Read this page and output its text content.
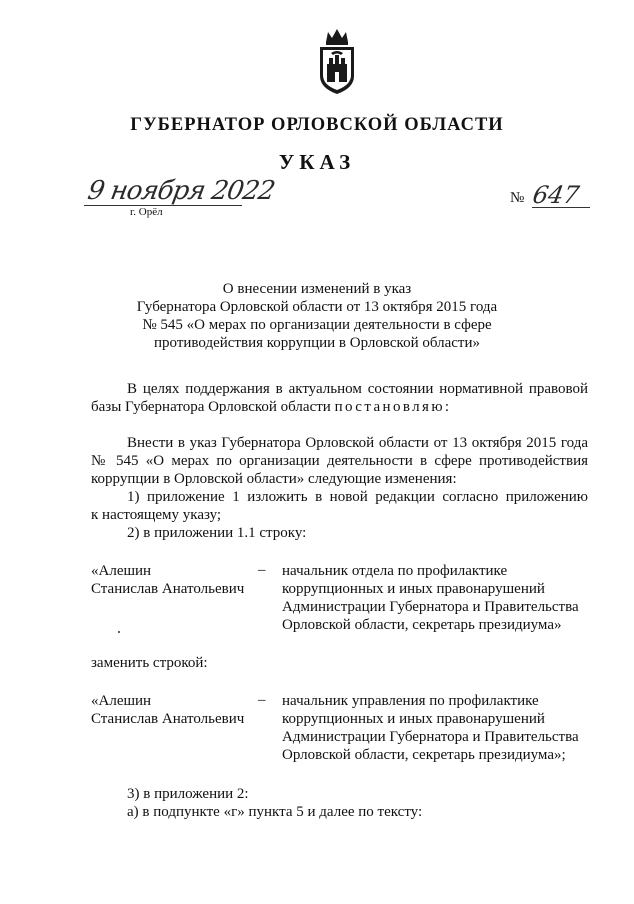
ГУБЕРНАТОР ОРЛОВСКОЙ ОБЛАСТИ
УКАЗ
9 ноября 2022
г. Орёл
№ 647
О внесении изменений в указ
Губернатора Орловской области от 13 октября 2015 года
№ 545 «О мерах по организации деятельности в сфере
противодействия коррупции в Орловской области»
В целях поддержания в актуальном состоянии нормативной правовой
базы Губернатора Орловской области постановляю:
Внести в указ Губернатора Орловской области от 13 октября 2015 года
№ 545 «О мерах по организации деятельности в сфере противодействия
коррупции в Орловской области» следующие изменения:
1) приложение 1 изложить в новой редакции согласно приложению
к настоящему указу;
2) в приложении 1.1 строку:
«Алешин
Станислав Анатольевич
– начальник отдела по профилактике
коррупционных и иных правонарушений
Администрации Губернатора и Правительства
Орловской области, секретарь президиума»
заменить строкой:
«Алешин
Станислав Анатольевич
– начальник управления по профилактике
коррупционных и иных правонарушений
Администрации Губернатора и Правительства
Орловской области, секретарь президиума»;
3) в приложении 2:
а) в подпункте «г» пункта 5 и далее по тексту:
